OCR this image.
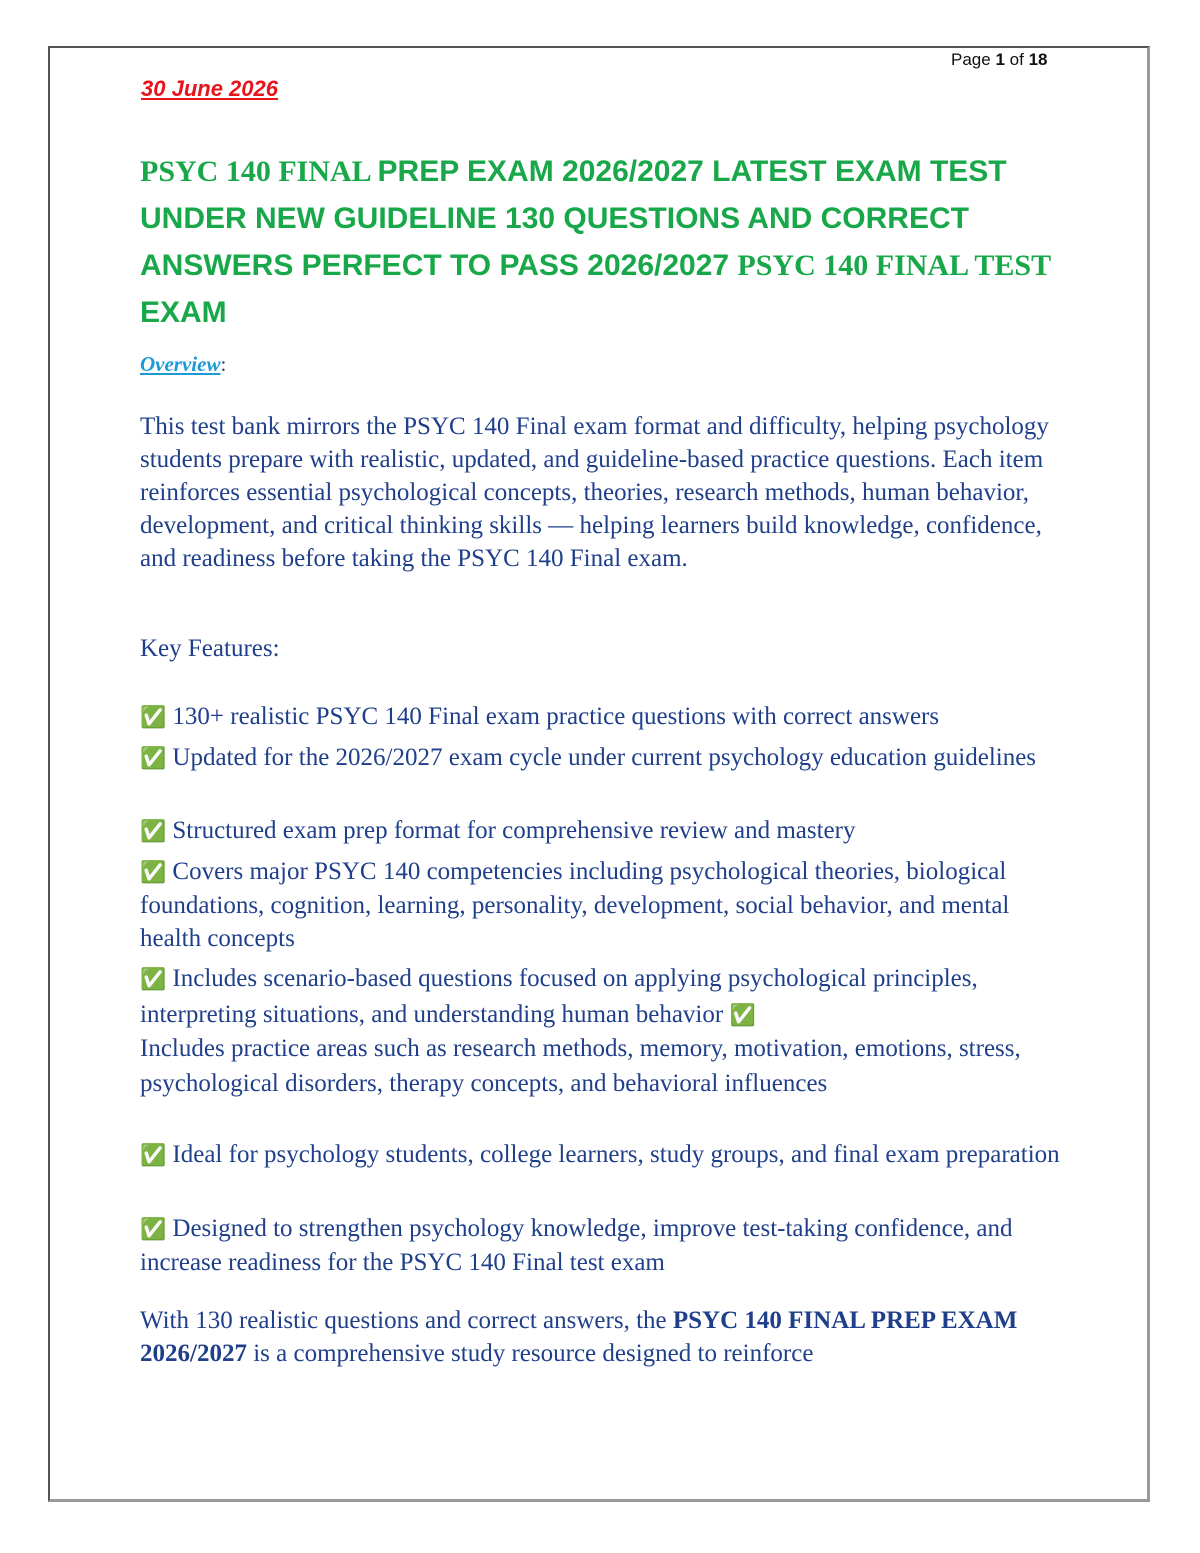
Page 1 of 18
30 June 2026
PSYC 140 FINAL PREP EXAM 2026/2027 LATEST EXAM TEST UNDER NEW GUIDELINE 130 QUESTIONS AND CORRECT ANSWERS PERFECT TO PASS 2026/2027 PSYC 140 FINAL TEST EXAM
Overview:

This test bank mirrors the PSYC 140 Final exam format and difficulty, helping psychology students prepare with realistic, updated, and guideline-based practice questions. Each item reinforces essential psychological concepts, theories, research methods, human behavior, development, and critical thinking skills — helping learners build knowledge, confidence, and readiness before taking the PSYC 140 Final exam.

Key Features:

✅ 130+ realistic PSYC 140 Final exam practice questions with correct answers

✅ Updated for the 2026/2027 exam cycle under current psychology education guidelines

✅ Structured exam prep format for comprehensive review and mastery

✅ Covers major PSYC 140 competencies including psychological theories, biological foundations, cognition, learning, personality, development, social behavior, and mental health concepts

✅ Includes scenario-based questions focused on applying psychological principles, interpreting situations, and understanding human behavior ✅
Includes practice areas such as research methods, memory, motivation, emotions, stress, psychological disorders, therapy concepts, and behavioral influences

✅ Ideal for psychology students, college learners, study groups, and final exam preparation

✅ Designed to strengthen psychology knowledge, improve test-taking confidence, and increase readiness for the PSYC 140 Final test exam

With 130 realistic questions and correct answers, the PSYC 140 FINAL PREP EXAM 2026/2027 is a comprehensive study resource designed to reinforce
